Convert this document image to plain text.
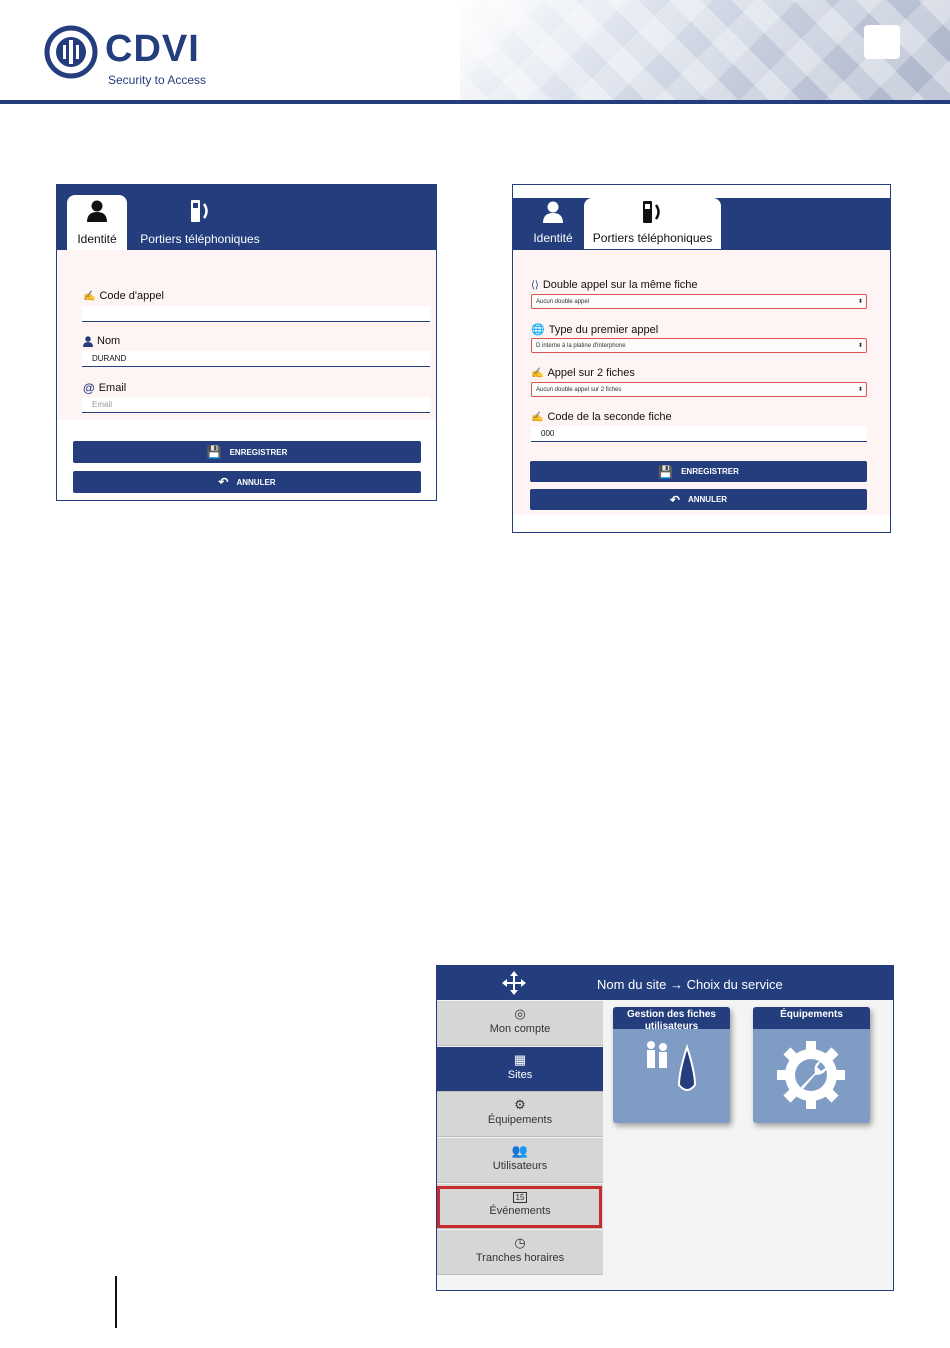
CDVI
Security to Access
Identité	Portiers téléphoniques
✍ Code d'appel
Nom
DURAND
@ Email
Email
💾 ENREGISTRER
↶ ANNULER
Identité	Portiers téléphoniques
⟨⟩ Double appel sur la même fiche
Aucun double appel	⬍
🌐 Type du premier appel
D interne à la platine d'interphone	⬍
✍ Appel sur 2 fiches
Aucun double appel sur 2 fiches	⬍
✍ Code de la seconde fiche
000
💾 ENREGISTRER
↶ ANNULER
Nom du site → Choix du service
◎
Mon compte
▦
Sites
⚙
Équipements
👥
Utilisateurs
15
Événements
◷
Tranches horaires
Gestion des fiches utilisateurs
Équipements
